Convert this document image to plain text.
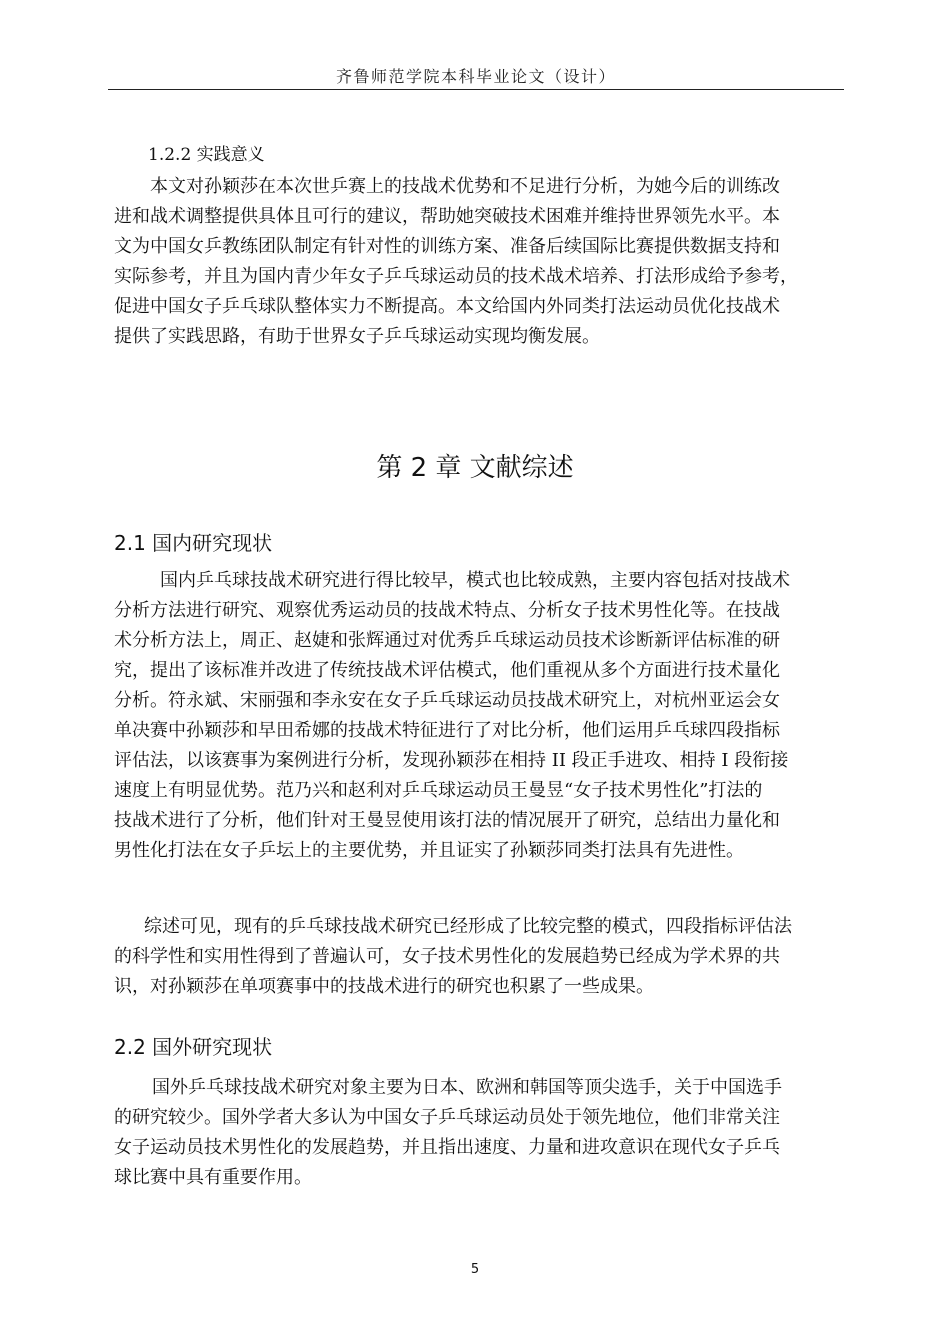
齐鲁师范学院本科毕业论文（设计）
1.2.2 实践意义
本文对孙颖莎在本次世乒赛上的技战术优势和不足进行分析，为她今后的训练改
进和战术调整提供具体且可行的建议，帮助她突破技术困难并维持世界领先水平。本
文为中国女乒教练团队制定有针对性的训练方案、准备后续国际比赛提供数据支持和
实际参考，并且为国内青少年女子乒乓球运动员的技术战术培养、打法形成给予参考，
促进中国女子乒乓球队整体实力不断提高。本文给国内外同类打法运动员优化技战术
提供了实践思路，有助于世界女子乒乓球运动实现均衡发展。
第 2 章 文献综述
2.1 国内研究现状
国内乒乓球技战术研究进行得比较早，模式也比较成熟，主要内容包括对技战术
分析方法进行研究、观察优秀运动员的技战术特点、分析女子技术男性化等。在技战
术分析方法上，周正、赵婕和张辉通过对优秀乒乓球运动员技术诊断新评估标准的研
究，提出了该标准并改进了传统技战术评估模式，他们重视从多个方面进行技术量化
分析。符永斌、宋丽强和李永安在女子乒乓球运动员技战术研究上，对杭州亚运会女
单决赛中孙颖莎和早田希娜的技战术特征进行了对比分析，他们运用乒乓球四段指标
评估法，以该赛事为案例进行分析，发现孙颖莎在相持 II 段正手进攻、相持 I 段衔接
速度上有明显优势。范乃兴和赵利对乒乓球运动员王曼昱“女子技术男性化”打法的
技战术进行了分析，他们针对王曼昱使用该打法的情况展开了研究，总结出力量化和
男性化打法在女子乒坛上的主要优势，并且证实了孙颖莎同类打法具有先进性。
综述可见，现有的乒乓球技战术研究已经形成了比较完整的模式，四段指标评估法
的科学性和实用性得到了普遍认可，女子技术男性化的发展趋势已经成为学术界的共
识，对孙颖莎在单项赛事中的技战术进行的研究也积累了一些成果。
2.2 国外研究现状
国外乒乓球技战术研究对象主要为日本、欧洲和韩国等顶尖选手，关于中国选手
的研究较少。国外学者大多认为中国女子乒乓球运动员处于领先地位，他们非常关注
女子运动员技术男性化的发展趋势，并且指出速度、力量和进攻意识在现代女子乒乓
球比赛中具有重要作用。
5
